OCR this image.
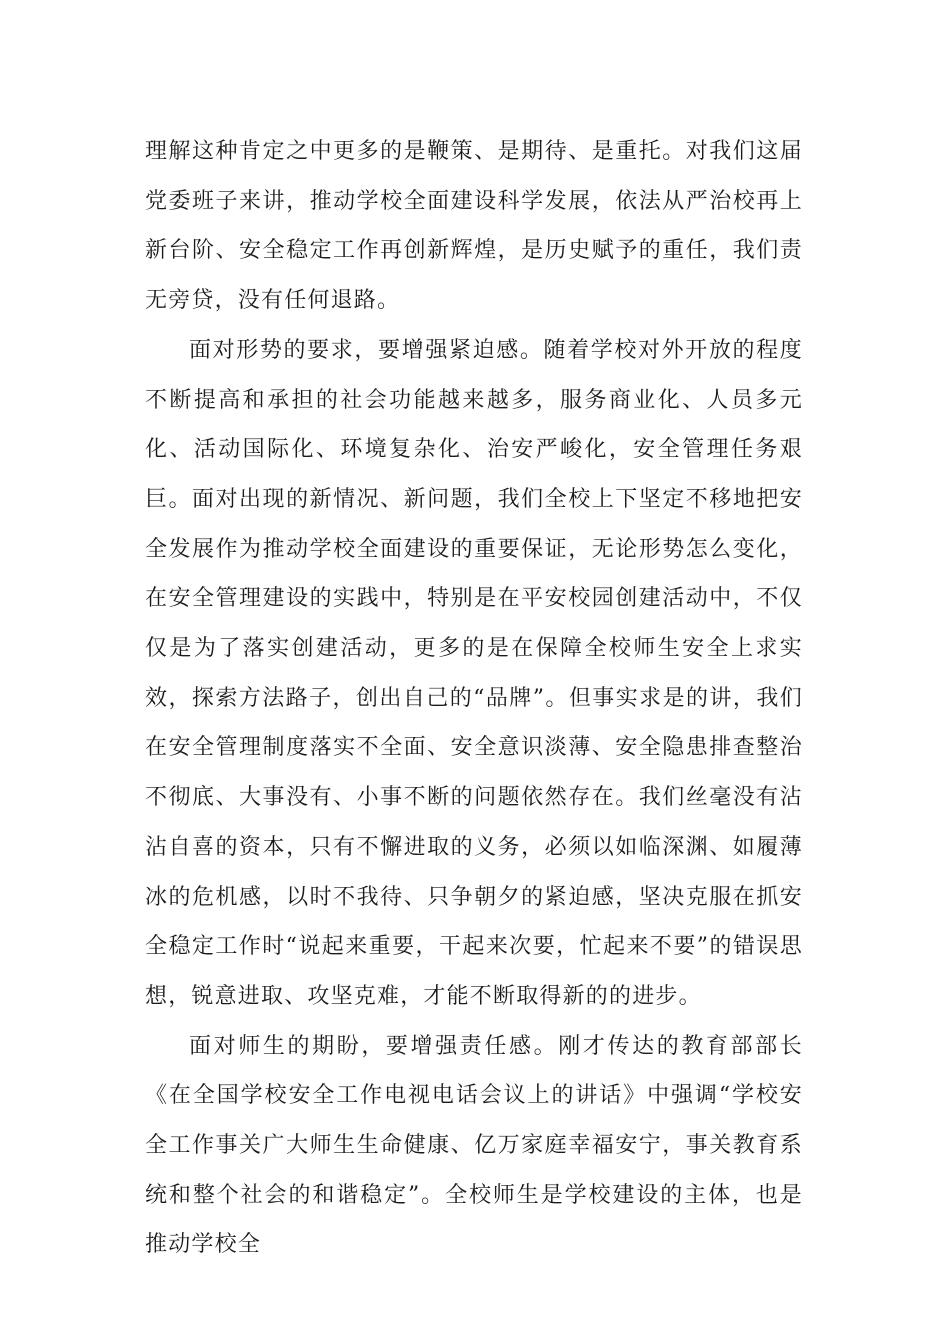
理解这种肯定之中更多的是鞭策、是期待、是重托。对我们这届党委班子来讲，推动学校全面建设科学发展，依法从严治校再上新台阶、安全稳定工作再创新辉煌，是历史赋予的重任，我们责无旁贷，没有任何退路。

面对形势的要求，要增强紧迫感。随着学校对外开放的程度不断提高和承担的社会功能越来越多，服务商业化、人员多元化、活动国际化、环境复杂化、治安严峻化，安全管理任务艰巨。面对出现的新情况、新问题，我们全校上下坚定不移地把安全发展作为推动学校全面建设的重要保证，无论形势怎么变化，在安全管理建设的实践中，特别是在平安校园创建活动中，不仅仅是为了落实创建活动，更多的是在保障全校师生安全上求实效，探索方法路子，创出自己的“品牌”。但事实求是的讲，我们在安全管理制度落实不全面、安全意识淡薄、安全隐患排查整治不彻底、大事没有、小事不断的问题依然存在。我们丝毫没有沾沾自喜的资本，只有不懈进取的义务，必须以如临深渊、如履薄冰的危机感，以时不我待、只争朝夕的紧迫感，坚决克服在抓安全稳定工作时“说起来重要，干起来次要，忙起来不要”的错误思想，锐意进取、攻坚克难，才能不断取得新的的进步。

面对师生的期盼，要增强责任感。刚才传达的教育部部长《在全国学校安全工作电视电话会议上的讲话》中强调“学校安全工作事关广大师生生命健康、亿万家庭幸福安宁，事关教育系统和整个社会的和谐稳定”。全校师生是学校建设的主体，也是推动学校全
